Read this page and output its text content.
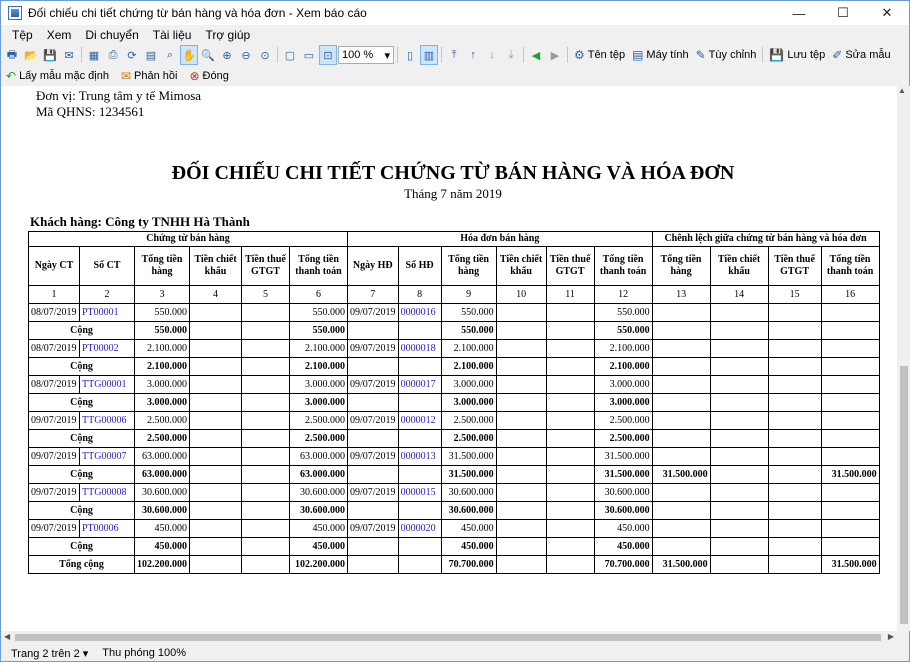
Đối chiếu chi tiết chứng từ bán hàng và hóa đơn - Xem báo cáo	—	☐	✕
Tệp	Xem	Di chuyển	Tài liệu	Trợ giúp
🖶 📂 💾 ✉	▦ ⎙ ⟳ ▤ ⌕ ✋ 🔍 ⊕ ⊖ ⊙	▢ ▭ ⊡ 100 % ▾	▯ ▥	⤒	↑	↓	⤓	◀ ▶	⚙ Tên tệp ▤ Máy tính ✎ Tùy chỉnh 💾 Lưu tệp ✐ Sửa mẫu
↶ Lấy mẫu mặc định ✉ Phản hồi ⊗ Đóng
Đơn vị: Trung tâm y tế Mimosa
Mã QHNS: 1234561
ĐỐI CHIẾU CHI TIẾT CHỨNG TỪ BÁN HÀNG VÀ HÓA ĐƠN
Tháng 7 năm 2019
Khách hàng: Công ty TNHH Hà Thành
Chứng từ bán hàng						Hóa đơn bán hàng						Chênh lệch giữa chứng từ bán hàng và hóa đơn			
Ngày CT	Số CT	Tổng tiền hàng	Tiền chiết khấu	Tiền thuế GTGT	Tổng tiền thanh toán	Ngày HĐ	Số HĐ	Tổng tiền hàng	Tiền chiết khấu	Tiền thuế GTGT	Tổng tiền thanh toán	Tổng tiền hàng	Tiền chiết khấu	Tiền thuế GTGT	Tổng tiền thanh toán
1	2	3	4	5	6	7	8	9	10	11	12	13	14	15	16
08/07/2019	PT00001	550.000			550.000	09/07/2019	0000016	550.000			550.000				
Cộng		550.000			550.000			550.000			550.000				
08/07/2019	PT00002	2.100.000			2.100.000	09/07/2019	0000018	2.100.000			2.100.000				
Cộng		2.100.000			2.100.000			2.100.000			2.100.000				
08/07/2019	TTG00001	3.000.000			3.000.000	09/07/2019	0000017	3.000.000			3.000.000				
Cộng		3.000.000			3.000.000			3.000.000			3.000.000				
09/07/2019	TTG00006	2.500.000			2.500.000	09/07/2019	0000012	2.500.000			2.500.000				
Cộng		2.500.000			2.500.000			2.500.000			2.500.000				
09/07/2019	TTG00007	63.000.000			63.000.000	09/07/2019	0000013	31.500.000			31.500.000				
Cộng		63.000.000			63.000.000			31.500.000			31.500.000	31.500.000			31.500.000
09/07/2019	TTG00008	30.600.000			30.600.000	09/07/2019	0000015	30.600.000			30.600.000				
Cộng		30.600.000			30.600.000			30.600.000			30.600.000				
09/07/2019	PT00006	450.000			450.000	09/07/2019	0000020	450.000			450.000				
Cộng		450.000			450.000			450.000			450.000				
Tổng cộng		102.200.000			102.200.000			70.700.000			70.700.000	31.500.000			31.500.000
▲
◀	▶
Trang 2 trên 2 ▾ Thu phóng 100%
